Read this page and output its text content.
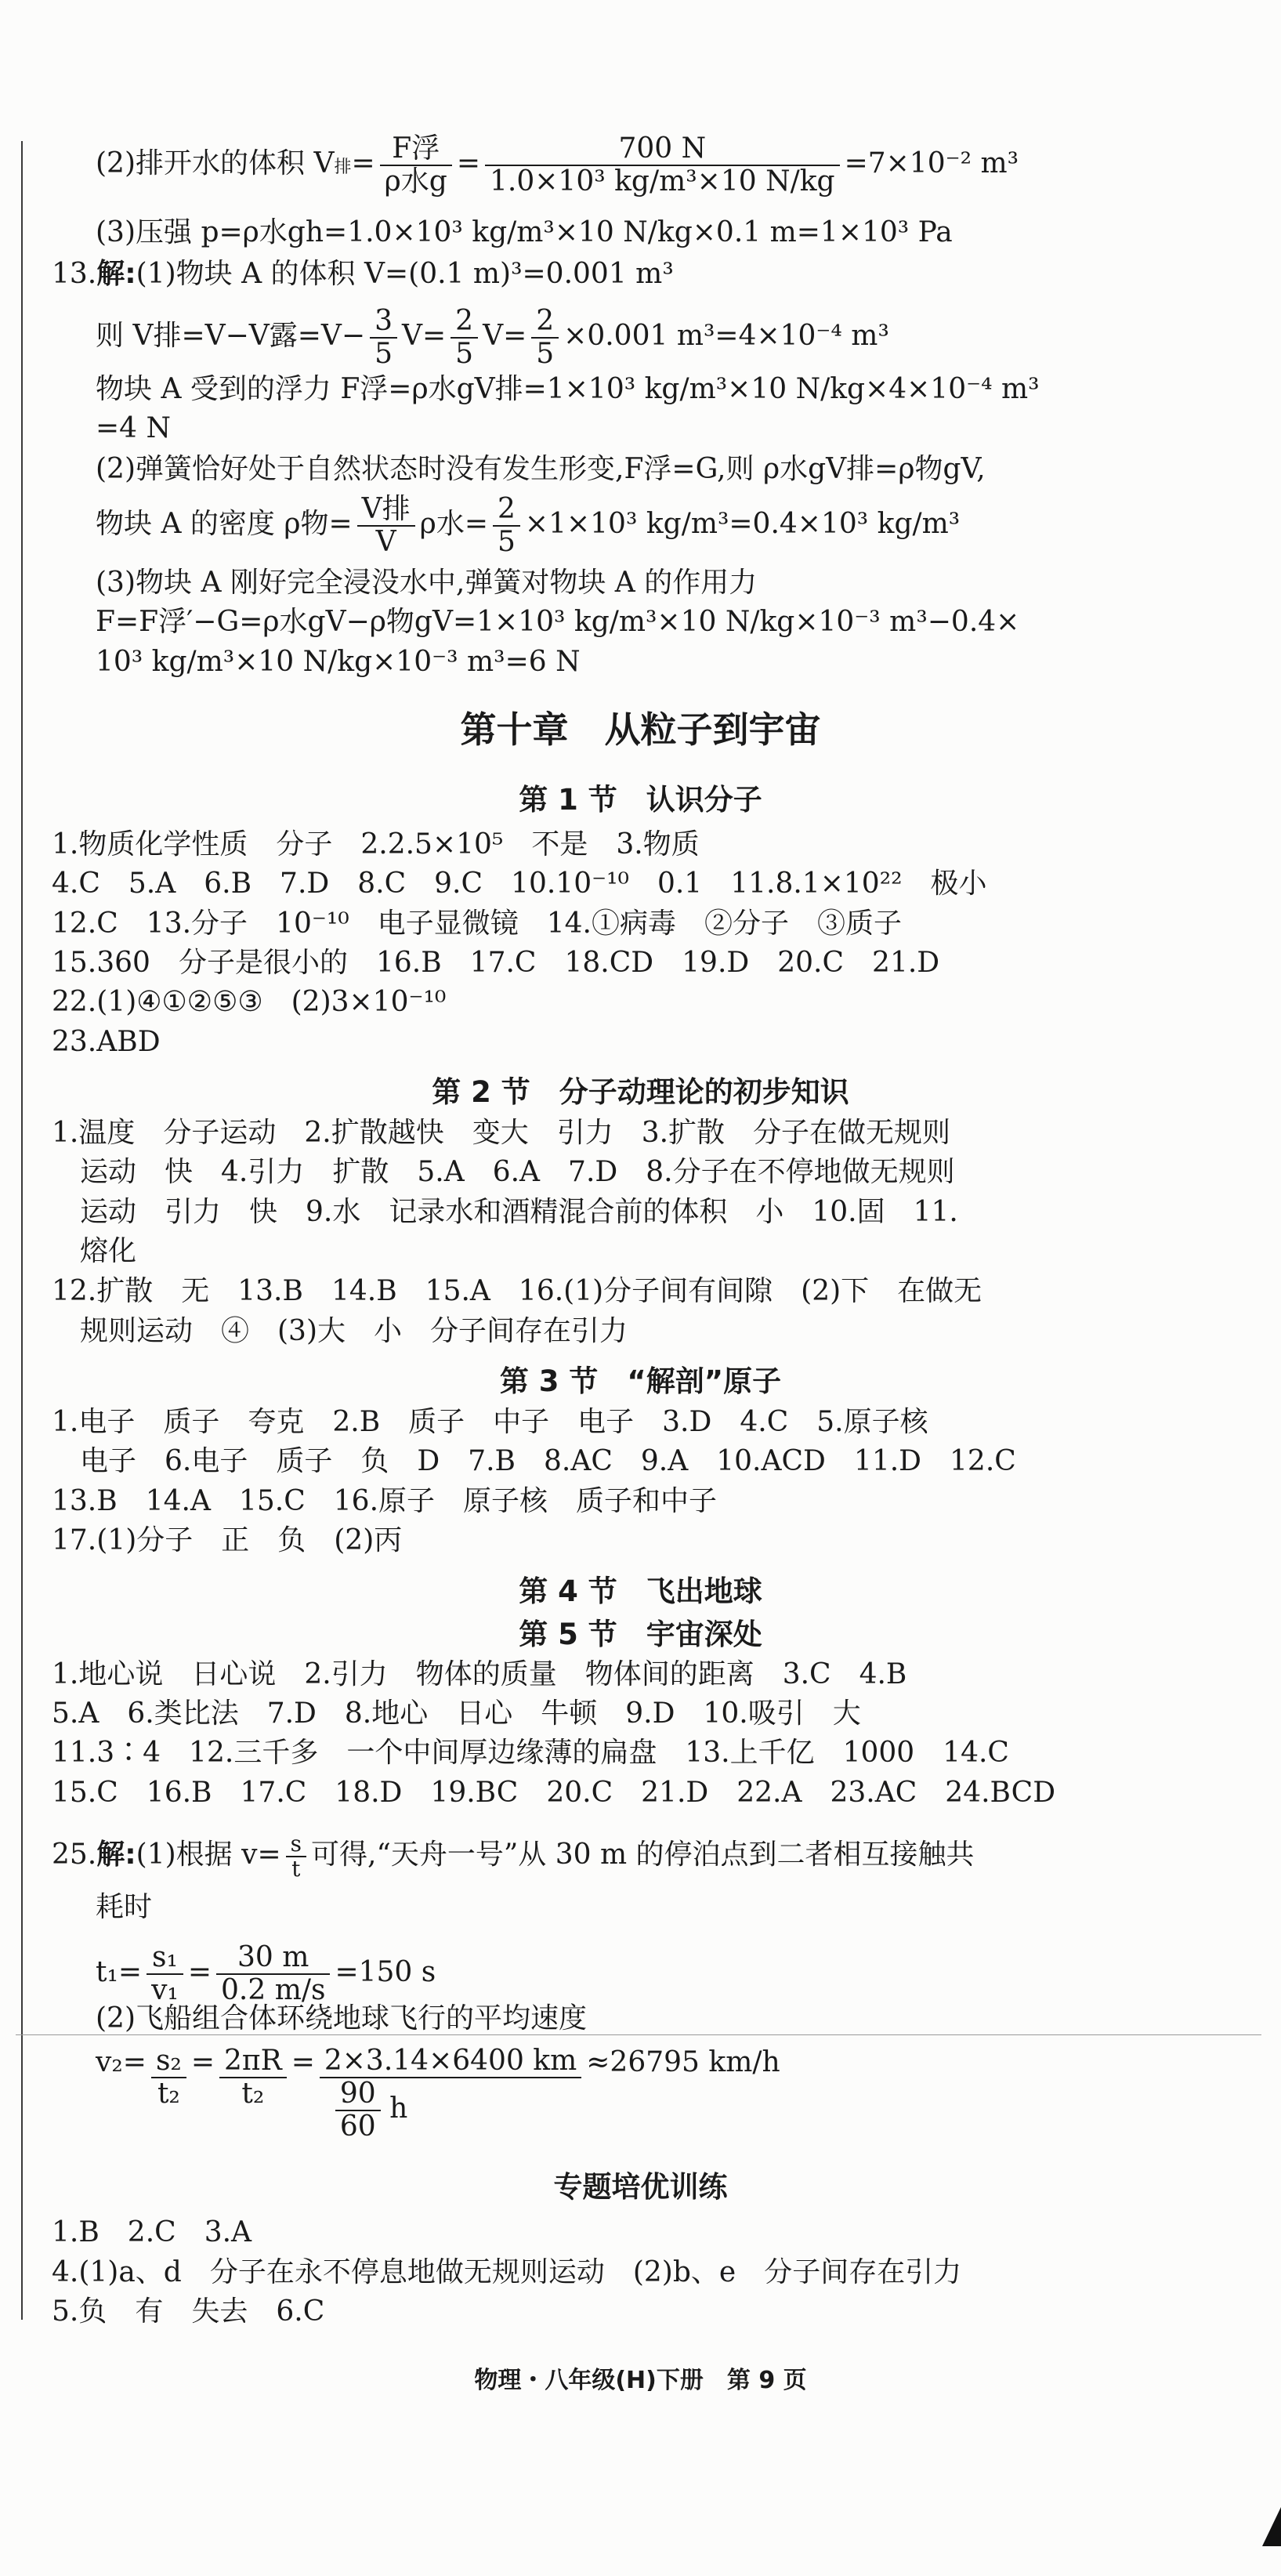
(2)排开水的体积 V排= $\frac{\text{F浮}}{\text{ρ水g}} = \frac{700 N}{\text{1.0×10³ kg/m³×10 N/kg}} =7\times 10^{-2}$ m³
(3)压强 p=ρ水gh=1.0×10³ kg/m³×10 N/kg×0.1 m=1×10³ Pa
13.解:(1)物块 A 的体积 V=(0.1 m)³=0.001 m³
则 V排=V−V露$=V- \frac{3}{5} V= \frac{2}{5} V= \frac{2}{5} \times 0.001$ m³=4×10⁻⁴ m³
物块 A 受到的浮力 F浮=ρ水gV排=1×10³ kg/m³×10 N/kg×4×10⁻⁴ m³
=4 N
(2)弹簧恰好处于自然状态时没有发生形变,F浮=G,则 ρ水gV排=ρ物gV,
物块 A 的密度 ρ物= $\frac{\text{V排}}{V}$ ρ水= $\frac{2}{5} \times 1\times 10^3$ kg/m³=0.4×10³ kg/m³
(3)物块 A 刚好完全浸没水中,弹簧对物块 A 的作用力
F=F浮′−G=ρ水gV−ρ物gV=1×10³ kg/m³×10 N/kg×10⁻³ m³−0.4×
10³ kg/m³×10 N/kg×10⁻³ m³=6 N
第十章　从粒子到宇宙
第 1 节　认识分子
1.物质化学性质　分子　2.2.5×10⁵　不是　3.物质
4.C　5.A　6.B　7.D　8.C　9.C　10.10⁻¹⁰　0.1　11.8.1×10²²　极小
12.C　13.分子　10⁻¹⁰　电子显微镜　14.①病毒　②分子　③质子
15.360　分子是很小的　16.B　17.C　18.CD　19.D　20.C　21.D
22.(1)④①②⑤③　(2)3×10⁻¹⁰
23.ABD
第 2 节　分子动理论的初步知识
1.温度　分子运动　2.扩散越快　变大　引力　3.扩散　分子在做无规则
　运动　快　4.引力　扩散　5.A　6.A　7.D　8.分子在不停地做无规则
　运动　引力　快　9.水　记录水和酒精混合前的体积　小　10.固　11.
　熔化
12.扩散　无　13.B　14.B　15.A　16.(1)分子间有间隙　(2)下　在做无
　规则运动　④　(3)大　小　分子间存在引力
第 3 节　“解剖”原子
1.电子　质子　夸克　2.B　质子　中子　电子　3.D　4.C　5.原子核
　电子　6.电子　质子　负　D　7.B　8.AC　9.A　10.ACD　11.D　12.C
13.B　14.A　15.C　16.原子　原子核　质子和中子
17.(1)分子　正　负　(2)丙
第 4 节　飞出地球
第 5 节　宇宙深处
1.地心说　日心说　2.引力　物体的质量　物体间的距离　3.C　4.B
5.A　6.类比法　7.D　8.地心　日心　牛顿　9.D　10.吸引　大
11.3∶4　12.三千多　一个中间厚边缘薄的扁盘　13.上千亿　1000　14.C
15.C　16.B　17.C　18.D　19.BC　20.C　21.D　22.A　23.AC　24.BCD
25.解:(1)根据 $v= \frac{s}{t}$ 可得,“天舟一号”从 30 m 的停泊点到二者相互接触共
耗时
$t_1= \frac{\text{s₁}}{\text{v₁}} = \frac{30 m}{0.2 m/s} =150$ s
(2)飞船组合体环绕地球飞行的平均速度
$v_2= \frac{\text{s₂}}{\text{t₂}} = \frac{2\pi R}{\text{t₂}} = \frac{2\times 3.14\times 6400 km}{\frac{90}{60} h} \approx 26795$ km/h
专题培优训练
1.B　2.C　3.A
4.(1)a、d　分子在永不停息地做无规则运动　(2)b、e　分子间存在引力
5.负　有　失去　6.C
物理・八年级(H)下册　第 9 页
